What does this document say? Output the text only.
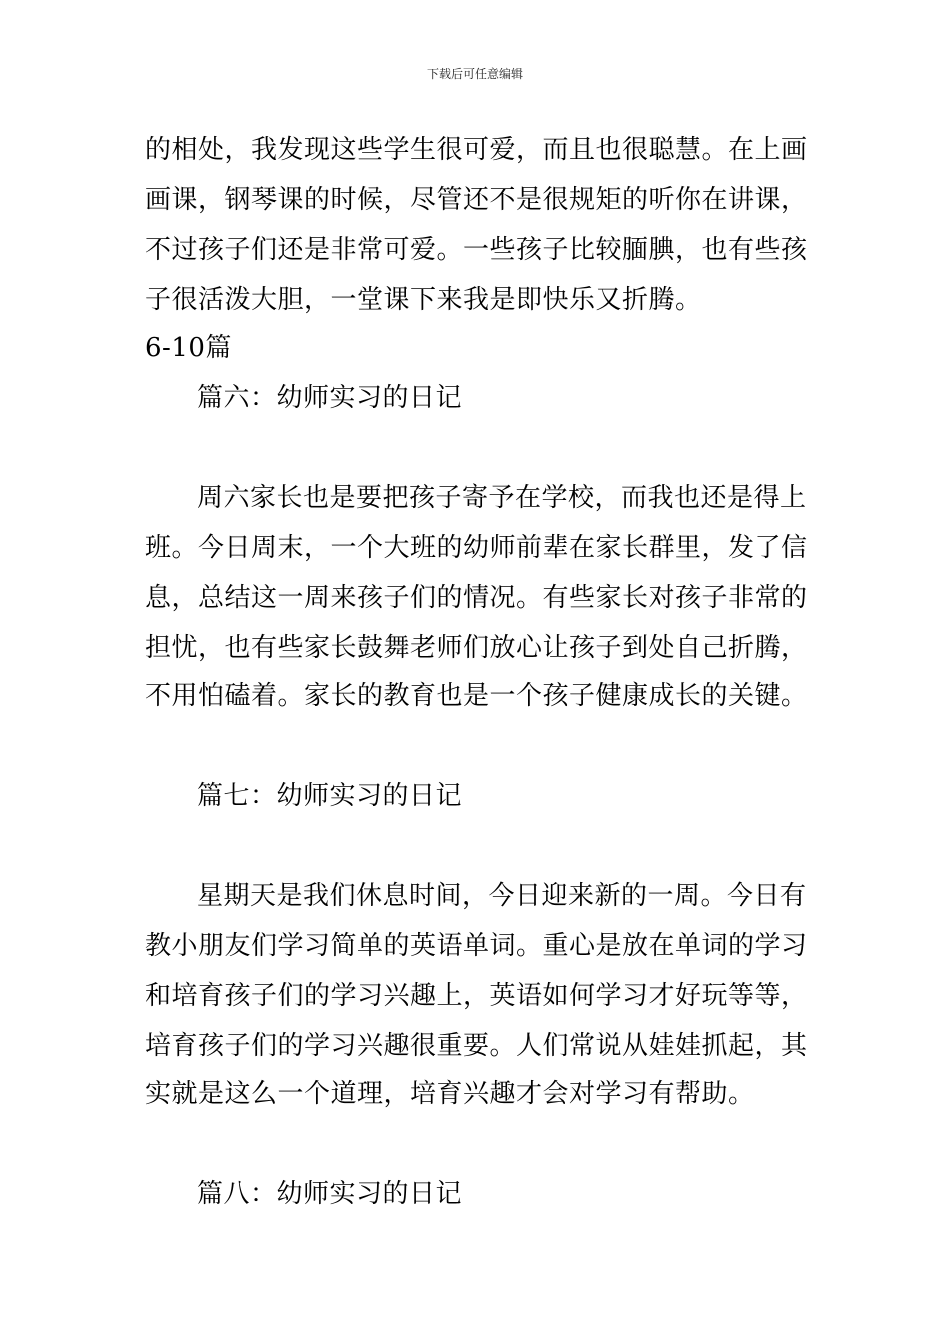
下载后可任意编辑
的相处，我发现这些学生很可爱，而且也很聪慧。在上画
画课，钢琴课的时候，尽管还不是很规矩的听你在讲课，
不过孩子们还是非常可爱。一些孩子比较腼腆，也有些孩
子很活泼大胆，一堂课下来我是即快乐又折腾。
6-10篇
篇六：幼师实习的日记
周六家长也是要把孩子寄予在学校，而我也还是得上
班。今日周末，一个大班的幼师前辈在家长群里，发了信
息，总结这一周来孩子们的情况。有些家长对孩子非常的
担忧，也有些家长鼓舞老师们放心让孩子到处自己折腾，
不用怕磕着。家长的教育也是一个孩子健康成长的关键。
篇七：幼师实习的日记
星期天是我们休息时间，今日迎来新的一周。今日有
教小朋友们学习简单的英语单词。重心是放在单词的学习
和培育孩子们的学习兴趣上，英语如何学习才好玩等等，
培育孩子们的学习兴趣很重要。人们常说从娃娃抓起，其
实就是这么一个道理，培育兴趣才会对学习有帮助。
篇八：幼师实习的日记
